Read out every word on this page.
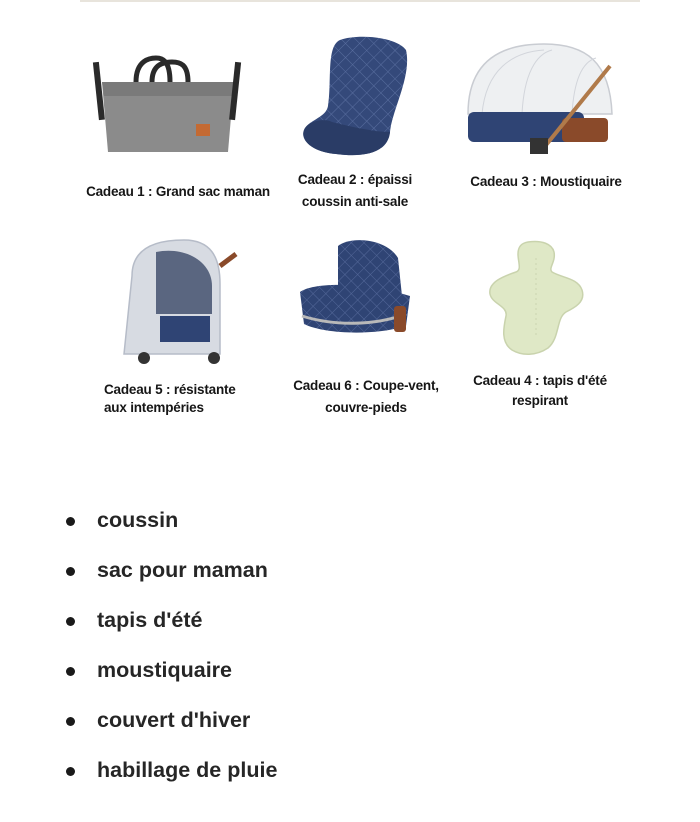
Cadeau 1 : Grand sac maman
Cadeau 2 : épaissi
coussin anti-sale
Cadeau 3 : Moustiquaire
Cadeau 5 : résistante
aux intempéries
Cadeau 6 : Coupe-vent,
couvre-pieds
Cadeau 4 : tapis d'été
respirant
coussin
sac pour maman
tapis d'été
moustiquaire
couvert d'hiver
habillage de pluie
